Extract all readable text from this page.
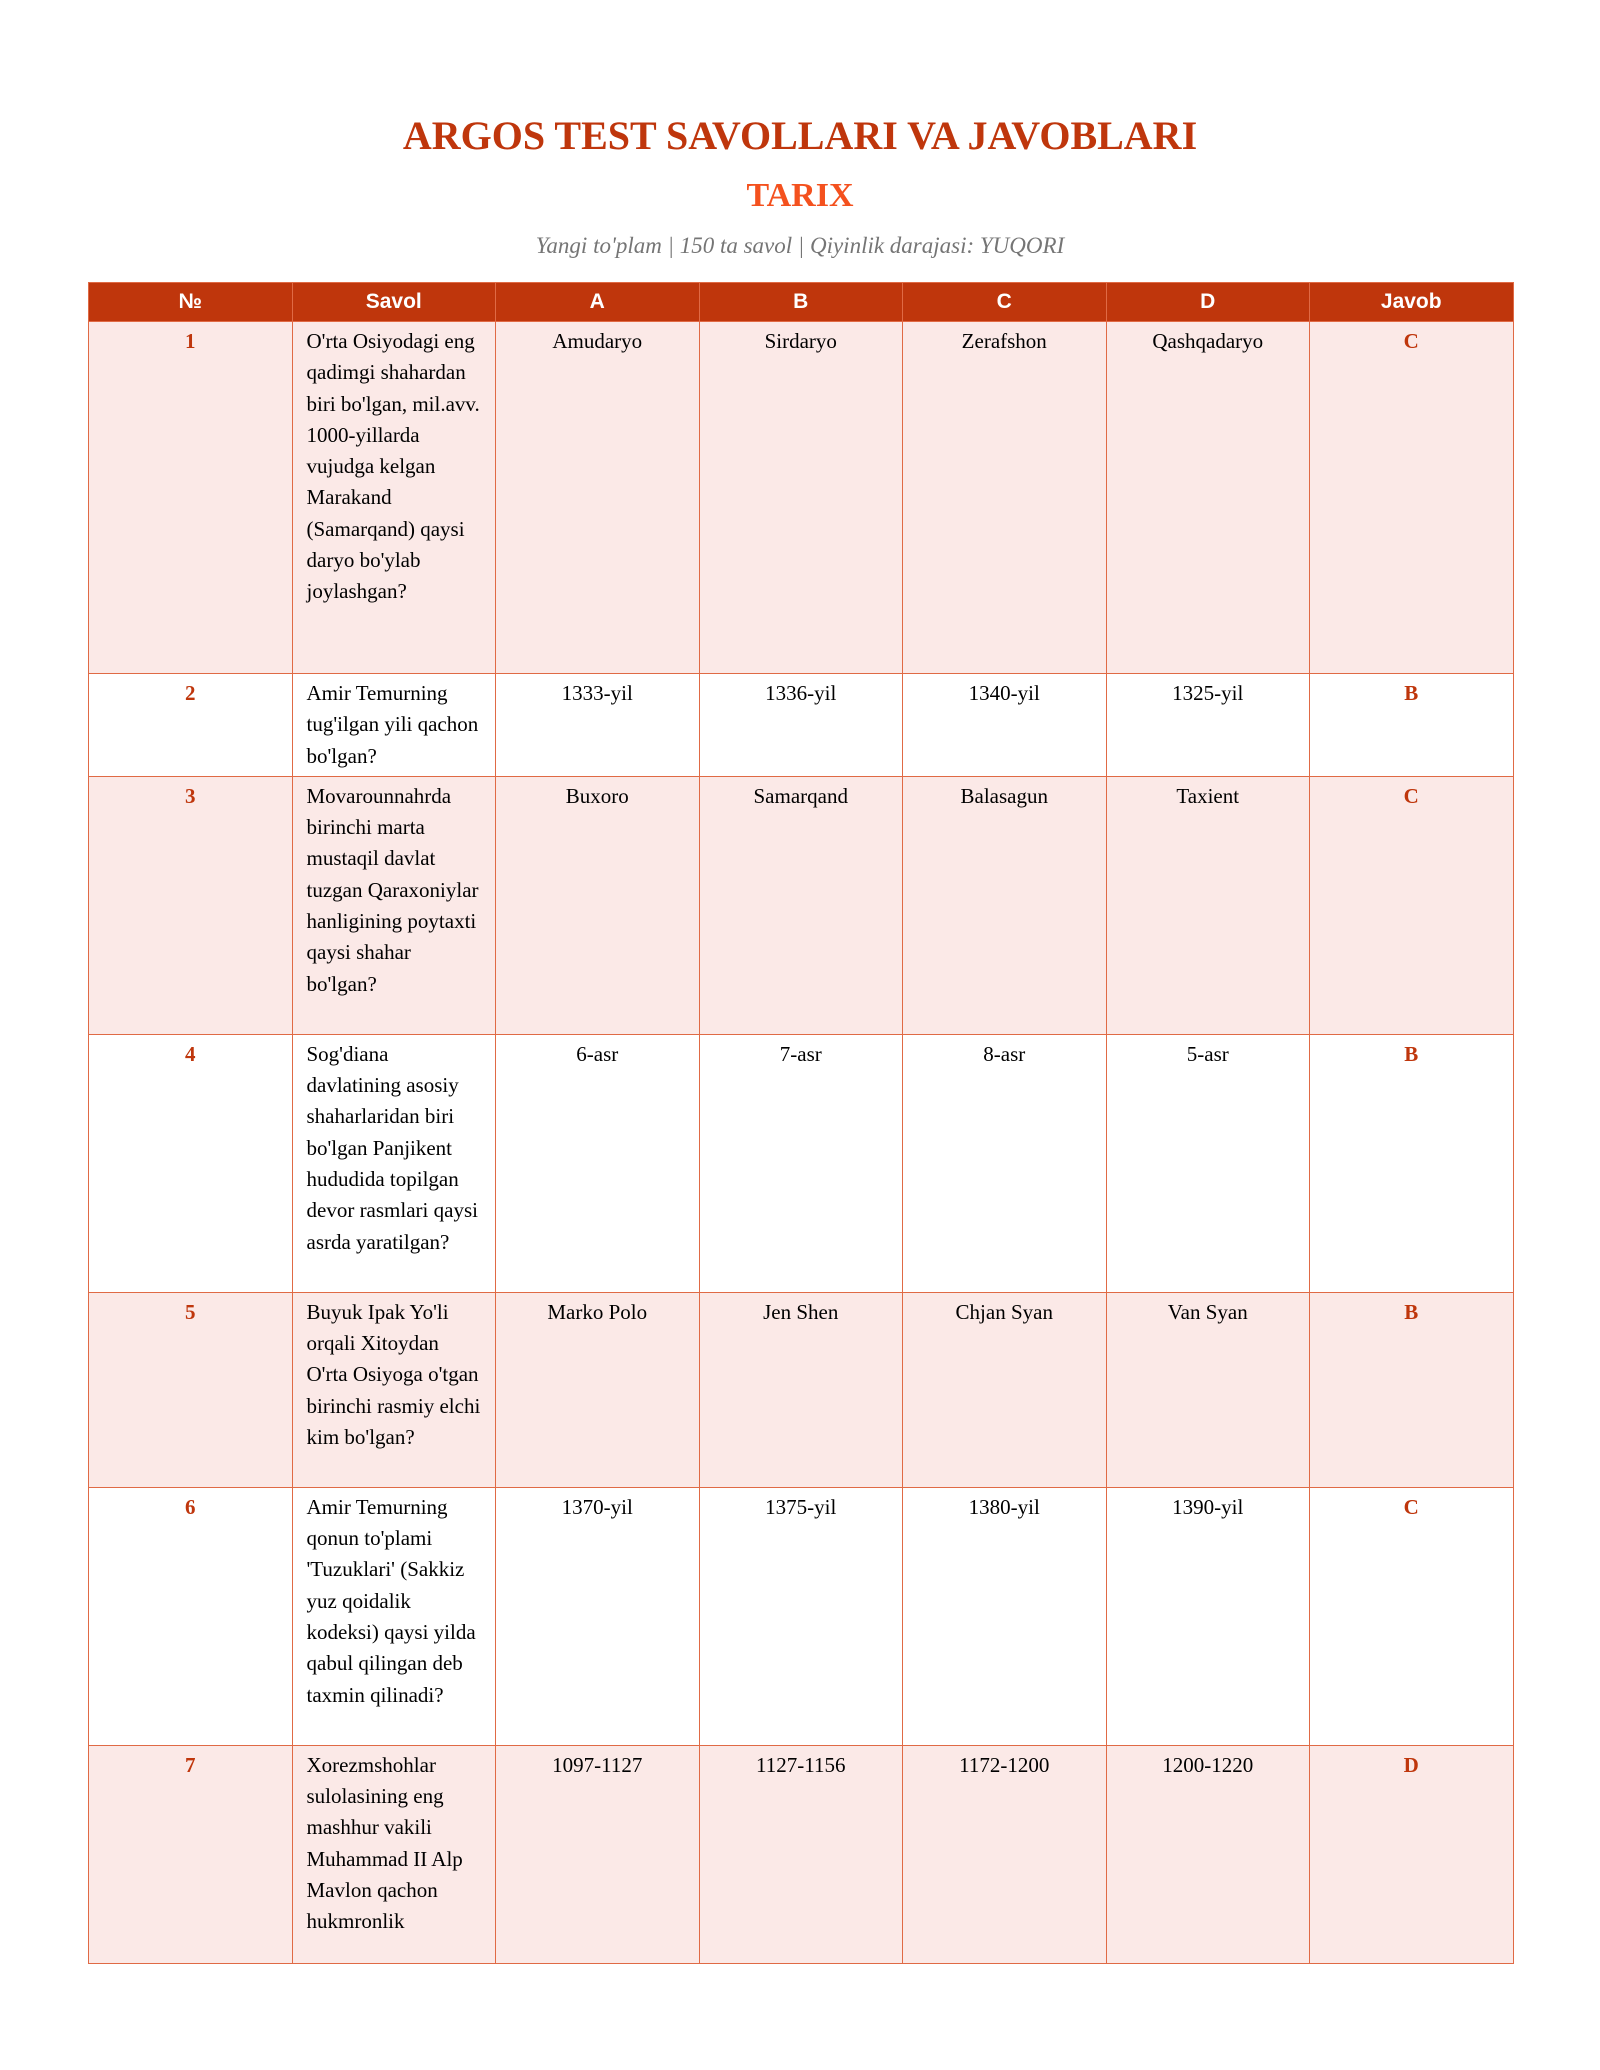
ARGOS TEST SAVOLLARI VA JAVOBLARI
TARIX

Yangi to'plam | 150 ta savol | Qiyinlik darajasi: YUQORI

№	Savol	A	B	C	D	Javob
1	O'rta Osiyodagi eng qadimgi shahardan biri bo'lgan, mil.avv. 1000-yillarda vujudga kelgan Marakand (Samarqand) qaysi daryo bo'ylab joylashgan?	Amudaryo	Sirdaryo	Zerafshon	Qashqadaryo	C
2	Amir Temurning tug'ilgan yili qachon bo'lgan?	1333-yil	1336-yil	1340-yil	1325-yil	B
3	Movarounnahrda birinchi marta mustaqil davlat tuzgan Qaraxoniylar hanligining poytaxti qaysi shahar bo'lgan?	Buxoro	Samarqand	Balasagun	Taxient	C
4	Sog'diana davlatining asosiy shaharlaridan biri bo'lgan Panjikent hududida topilgan devor rasmlari qaysi asrda yaratilgan?	6-asr	7-asr	8-asr	5-asr	B
5	Buyuk Ipak Yo'li orqali Xitoydan O'rta Osiyoga o'tgan birinchi rasmiy elchi kim bo'lgan?	Marko Polo	Jen Shen	Chjan Syan	Van Syan	B
6	Amir Temurning qonun to'plami 'Tuzuklari' (Sakkiz yuz qoidalik kodeksi) qaysi yilda qabul qilingan deb taxmin qilinadi?	1370-yil	1375-yil	1380-yil	1390-yil	C
7	Xorezmshohlar sulolasining eng mashhur vakili Muhammad II Alp Mavlon qachon hukmronlik	1097-1127	1127-1156	1172-1200	1200-1220	D
